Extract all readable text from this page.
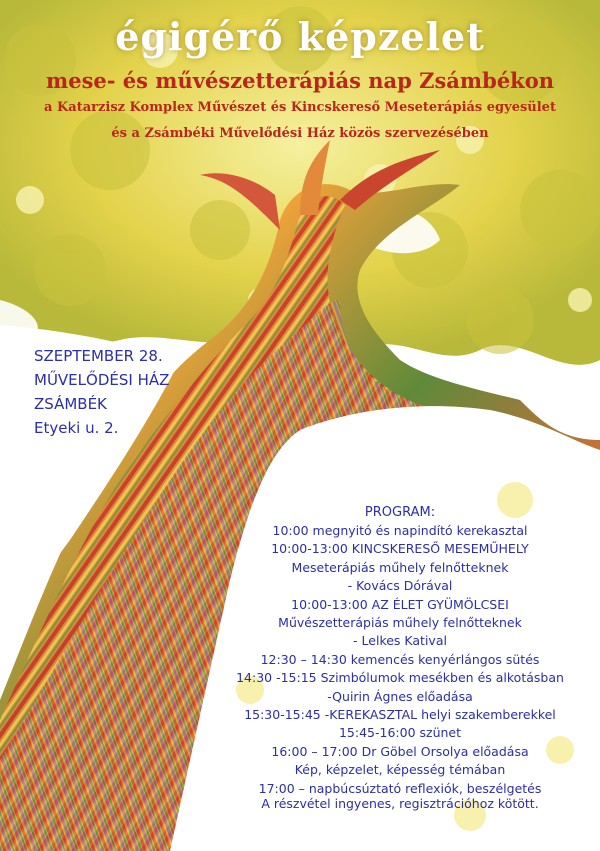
égigérő képzelet
mese- és művészetterápiás nap Zsámbékon
a Katarzisz Komplex Művészet és Kincskereső Meseterápiás egyesület
és a Zsámbéki Művelődési Ház közös szervezésében
SZEPTEMBER 28.
MŰVELŐDÉSI HÁZ
ZSÁMBÉK
Etyeki u. 2.
PROGRAM:
10:00 megnyitó és napindító kerekasztal
10:00-13:00 KINCSKERESŐ MESEMŰHELY
Meseterápiás műhely felnőtteknek
- Kovács Dórával
10:00-13:00 AZ ÉLET GYÜMÖLCSEI
Művészetterápiás műhely felnőtteknek
- Lelkes Katival
12:30 – 14:30 kemencés kenyérlángos sütés
14:30 -15:15 Szimbólumok mesékben és alkotásban
-Quirin Ágnes előadása
15:30-15:45 -KEREKASZTAL helyi szakemberekkel
15:45-16:00 szünet
16:00 – 17:00 Dr Göbel Orsolya előadása
Kép, képzelet, képesség témában
17:00 – napbúcsúztató reflexiók, beszélgetés
A részvétel ingyenes, regisztrációhoz kötött.
